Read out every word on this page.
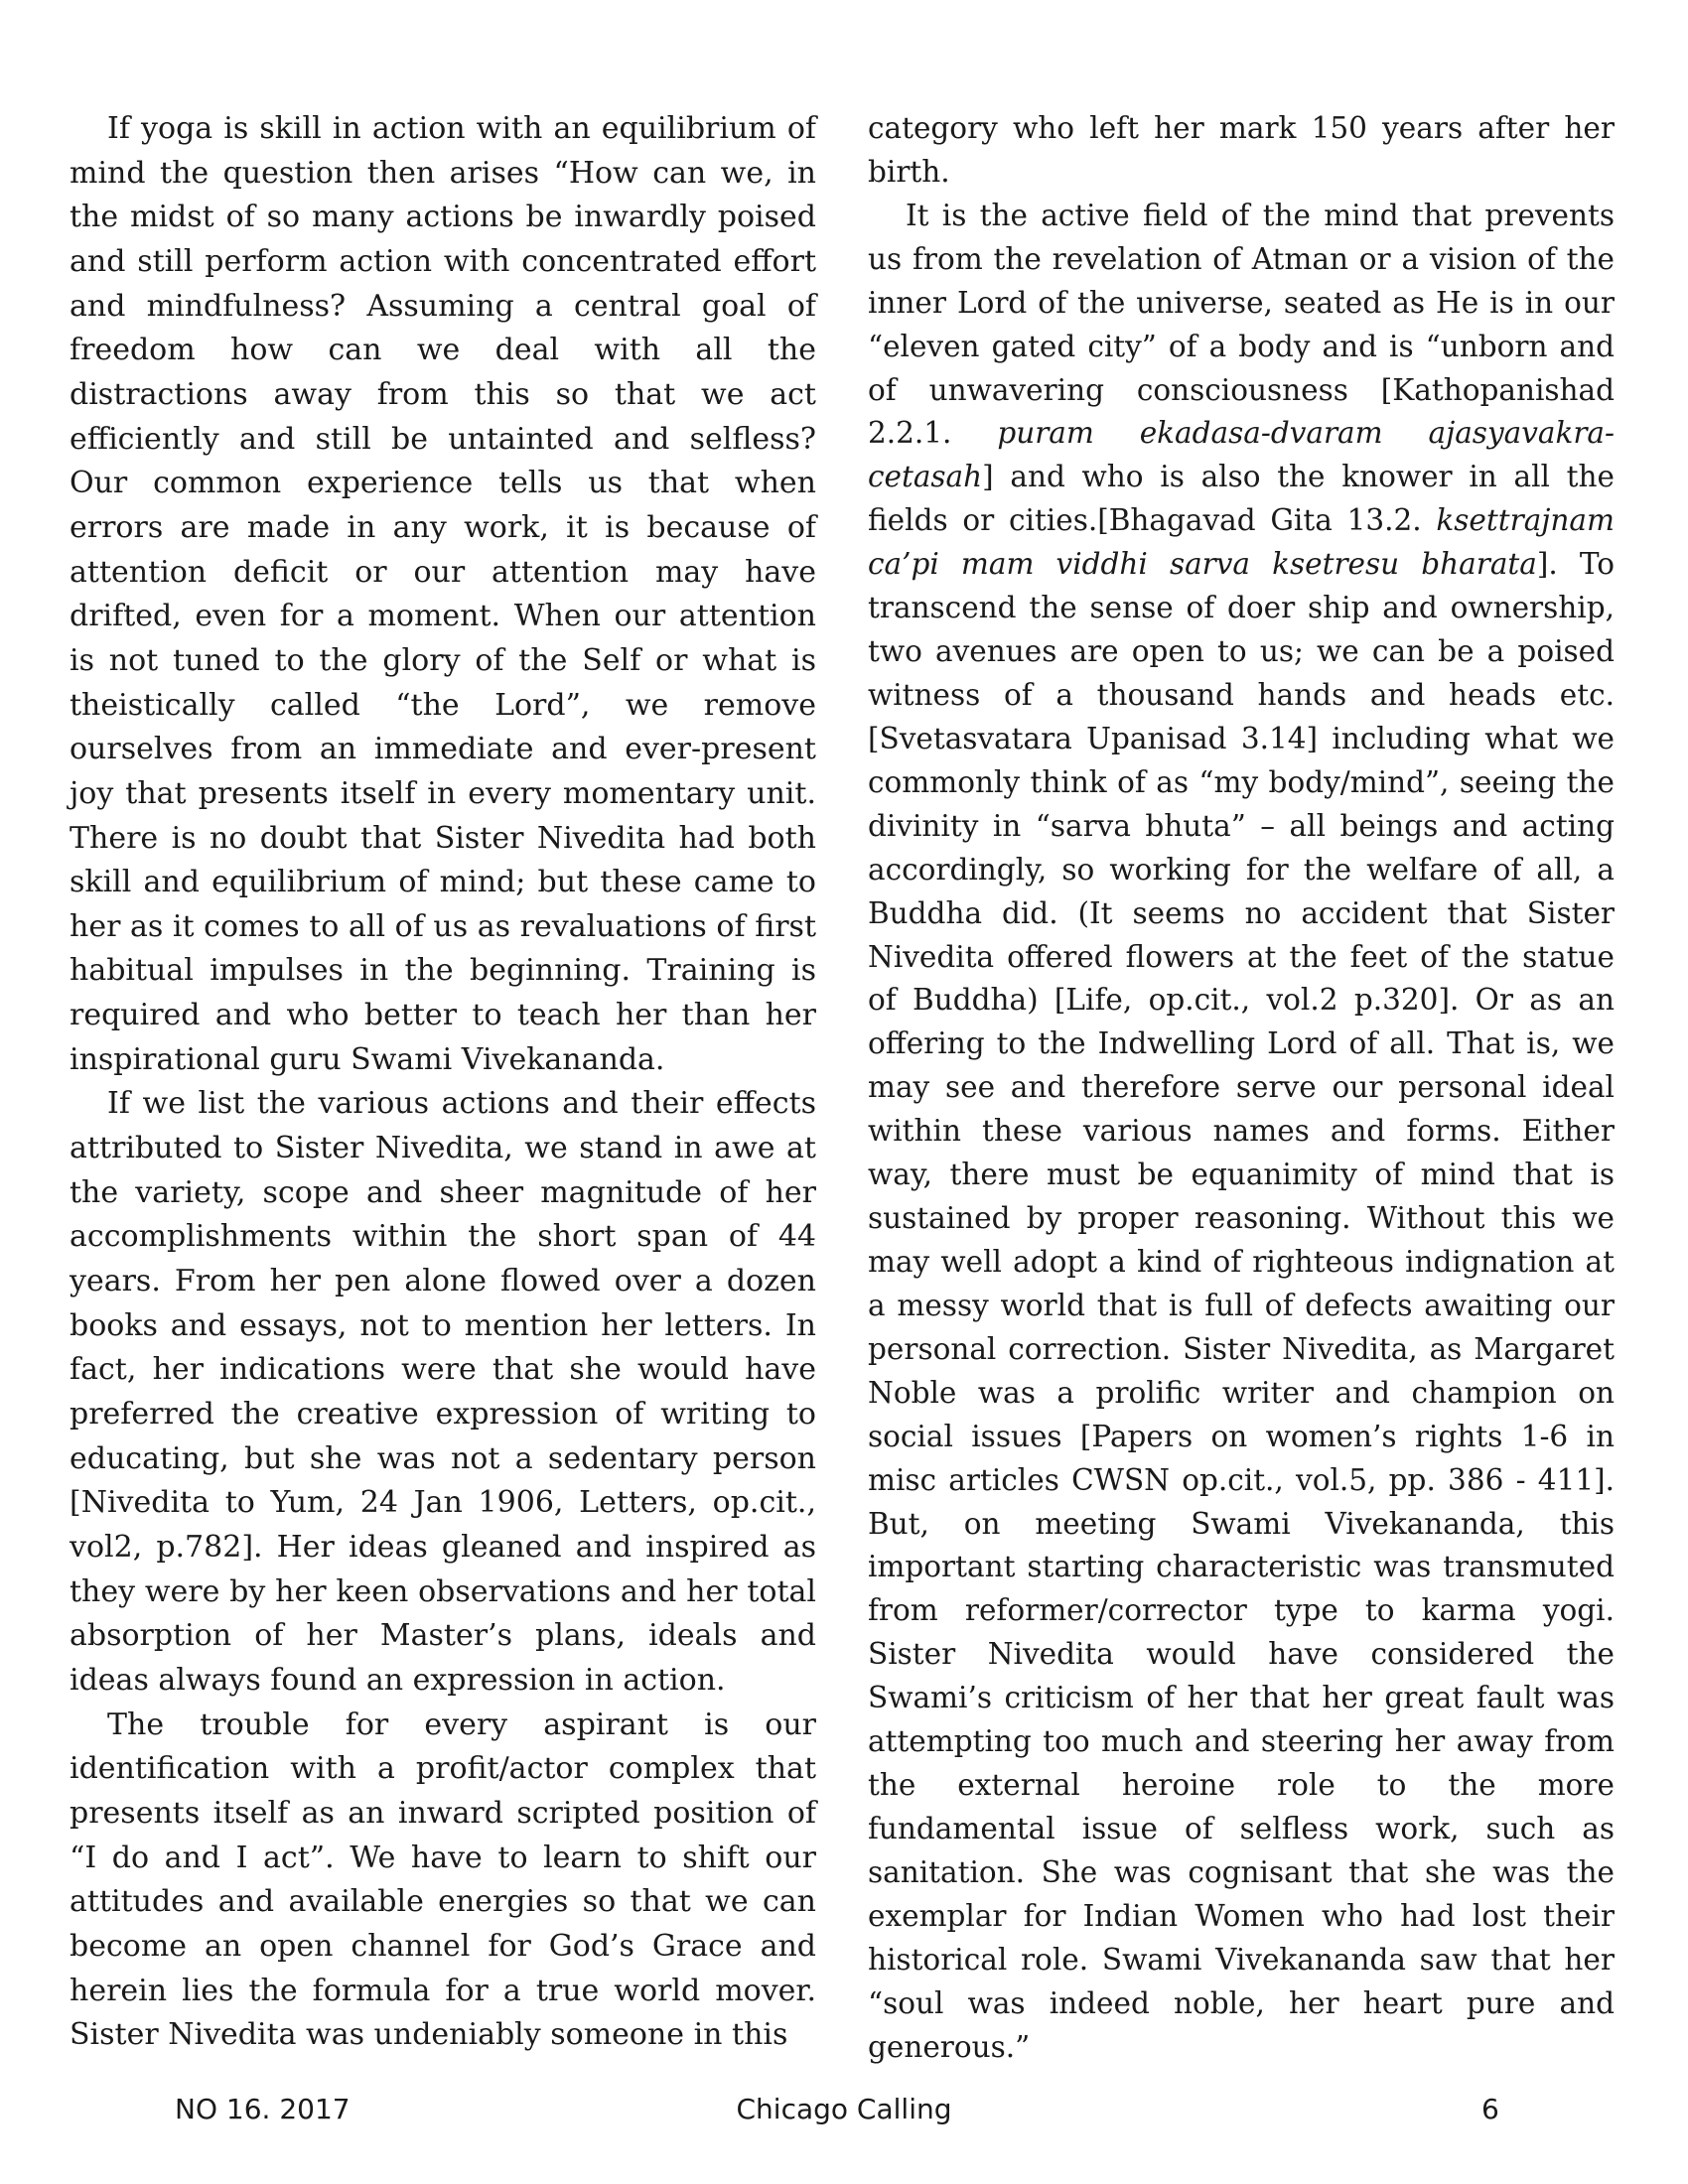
If yoga is skill in action with an equilibrium of mind the question then arises “How can we, in the midst of so many actions be inwardly poised and still perform action with concentrated effort and mindfulness? Assuming a central goal of freedom how can we deal with all the distractions away from this so that we act efficiently and still be untainted and selfless? Our common experience tells us that when errors are made in any work, it is because of attention deficit or our attention may have drifted, even for a moment. When our attention is not tuned to the glory of the Self or what is theistically called “the Lord”, we remove ourselves from an immediate and ever-present joy that presents itself in every momentary unit. There is no doubt that Sister Nivedita had both skill and equilibrium of mind; but these came to her as it comes to all of us as revaluations of first habitual impulses in the beginning. Training is required and who better to teach her than her inspirational guru Swami Vivekananda.

If we list the various actions and their effects attributed to Sister Nivedita, we stand in awe at the variety, scope and sheer magnitude of her accomplishments within the short span of 44 years. From her pen alone flowed over a dozen books and essays, not to mention her letters. In fact, her indications were that she would have preferred the creative expression of writing to educating, but she was not a sedentary person [Nivedita to Yum, 24 Jan 1906, Letters, op.cit., vol2, p.782]. Her ideas gleaned and inspired as they were by her keen observations and her total absorption of her Master’s plans, ideals and ideas always found an expression in action.

The trouble for every aspirant is our identification with a profit/actor complex that presents itself as an inward scripted position of “I do and I act”. We have to learn to shift our attitudes and available energies so that we can become an open channel for God’s Grace and herein lies the formula for a true world mover. Sister Nivedita was undeniably someone in this

category who left her mark 150 years after her birth.

It is the active field of the mind that prevents us from the revelation of Atman or a vision of the inner Lord of the universe, seated as He is in our “eleven gated city” of a body and is “unborn and of unwavering consciousness [Kathopanishad 2.2.1. puram ekadasa-dvaram ajasyavakra-cetasah] and who is also the knower in all the fields or cities.[Bhagavad Gita 13.2. ksettrajnam ca’pi mam viddhi sarva ksetresu bharata]. To transcend the sense of doer ship and ownership, two avenues are open to us; we can be a poised witness of a thousand hands and heads etc. [Svetasvatara Upanisad 3.14] including what we commonly think of as “my body/mind”, seeing the divinity in “sarva bhuta” – all beings and acting accordingly, so working for the welfare of all, a Buddha did. (It seems no accident that Sister Nivedita offered flowers at the feet of the statue of Buddha) [Life, op.cit., vol.2 p.320]. Or as an offering to the Indwelling Lord of all. That is, we may see and therefore serve our personal ideal within these various names and forms. Either way, there must be equanimity of mind that is sustained by proper reasoning. Without this we may well adopt a kind of righteous indignation at a messy world that is full of defects awaiting our personal correction. Sister Nivedita, as Margaret Noble was a prolific writer and champion on social issues [Papers on women’s rights 1-6 in misc articles CWSN op.cit., vol.5, pp. 386 - 411]. But, on meeting Swami Vivekananda, this important starting characteristic was transmuted from reformer/corrector type to karma yogi. Sister Nivedita would have considered the Swami’s criticism of her that her great fault was attempting too much and steering her away from the external heroine role to the more fundamental issue of selfless work, such as sanitation. She was cognisant that she was the exemplar for Indian Women who had lost their historical role. Swami Vivekananda saw that her “soul was indeed noble, her heart pure and generous.”

NO 16. 2017	Chicago Calling	6
